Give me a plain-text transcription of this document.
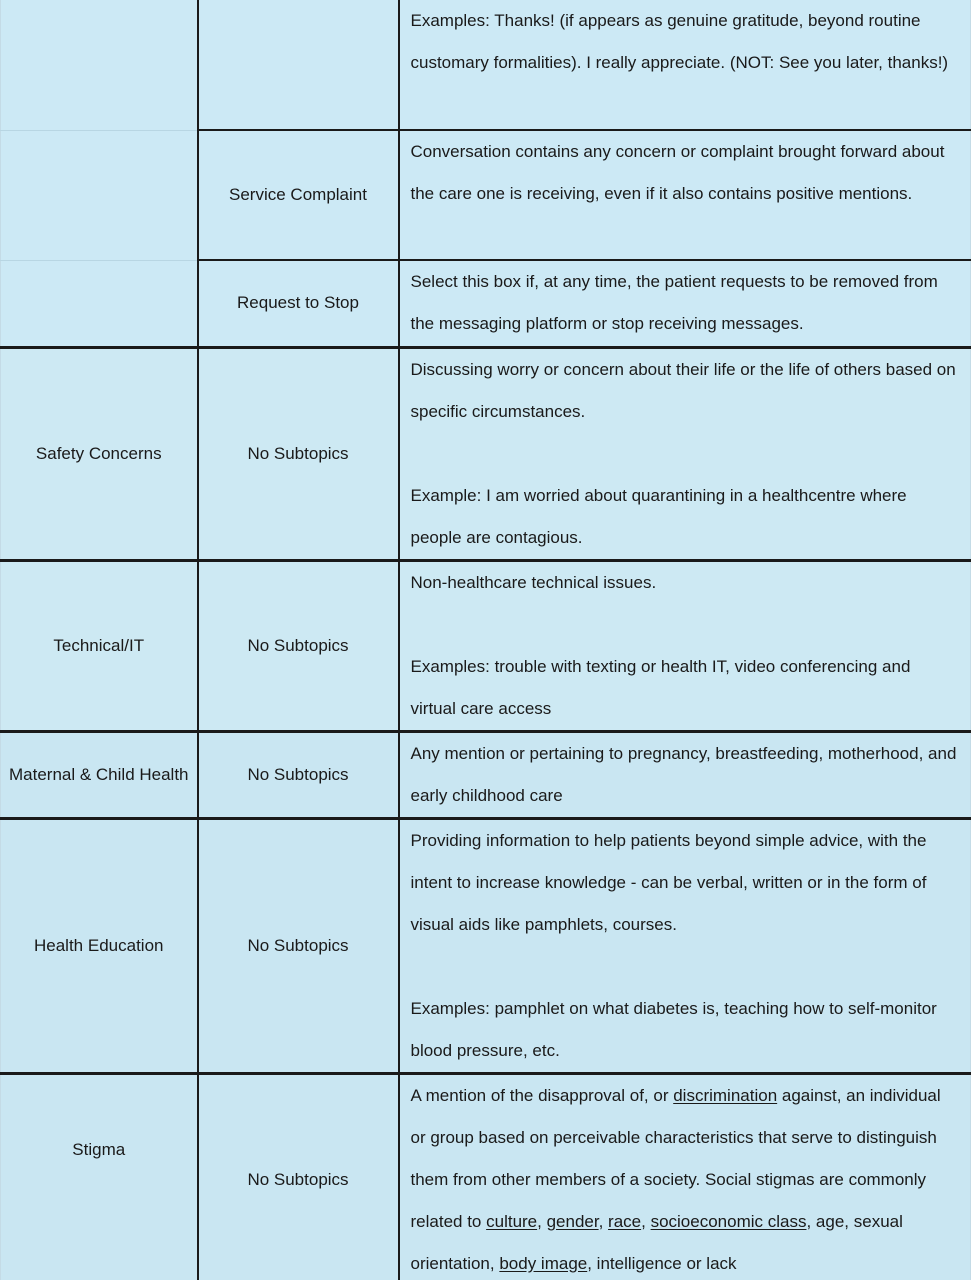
		Examples: Thanks! (if appears as genuine gratitude, beyond routine customary formalities). I really appreciate. (NOT: See you later, thanks!)

	Service Complaint	Conversation contains any concern or complaint brought forward about the care one is receiving, even if it also contains positive mentions.

	Request to Stop	Select this box if, at any time, the patient requests to be removed from the messaging platform or stop receiving messages.

Safety Concerns	No Subtopics	Discussing worry or concern about their life or the life of others based on specific circumstances.
Example: I am worried about quarantining in a healthcentre where people are contagious.

Technical/IT	No Subtopics	Non-healthcare technical issues.
Examples: trouble with texting or health IT, video conferencing and virtual care access

Maternal & Child Health	No Subtopics	Any mention or pertaining to pregnancy, breastfeeding, motherhood, and early childhood care

Health Education	No Subtopics	Providing information to help patients beyond simple advice, with the intent to increase knowledge - can be verbal, written or in the form of visual aids like pamphlets, courses.
Examples: pamphlet on what diabetes is, teaching how to self-monitor blood pressure, etc.

Stigma	No Subtopics	A mention of the disapproval of, or discrimination against, an individual or group based on perceivable characteristics that serve to distinguish them from other members of a society. Social stigmas are commonly related to culture, gender, race, socioeconomic class, age, sexual orientation, body image, intelligence or lack
